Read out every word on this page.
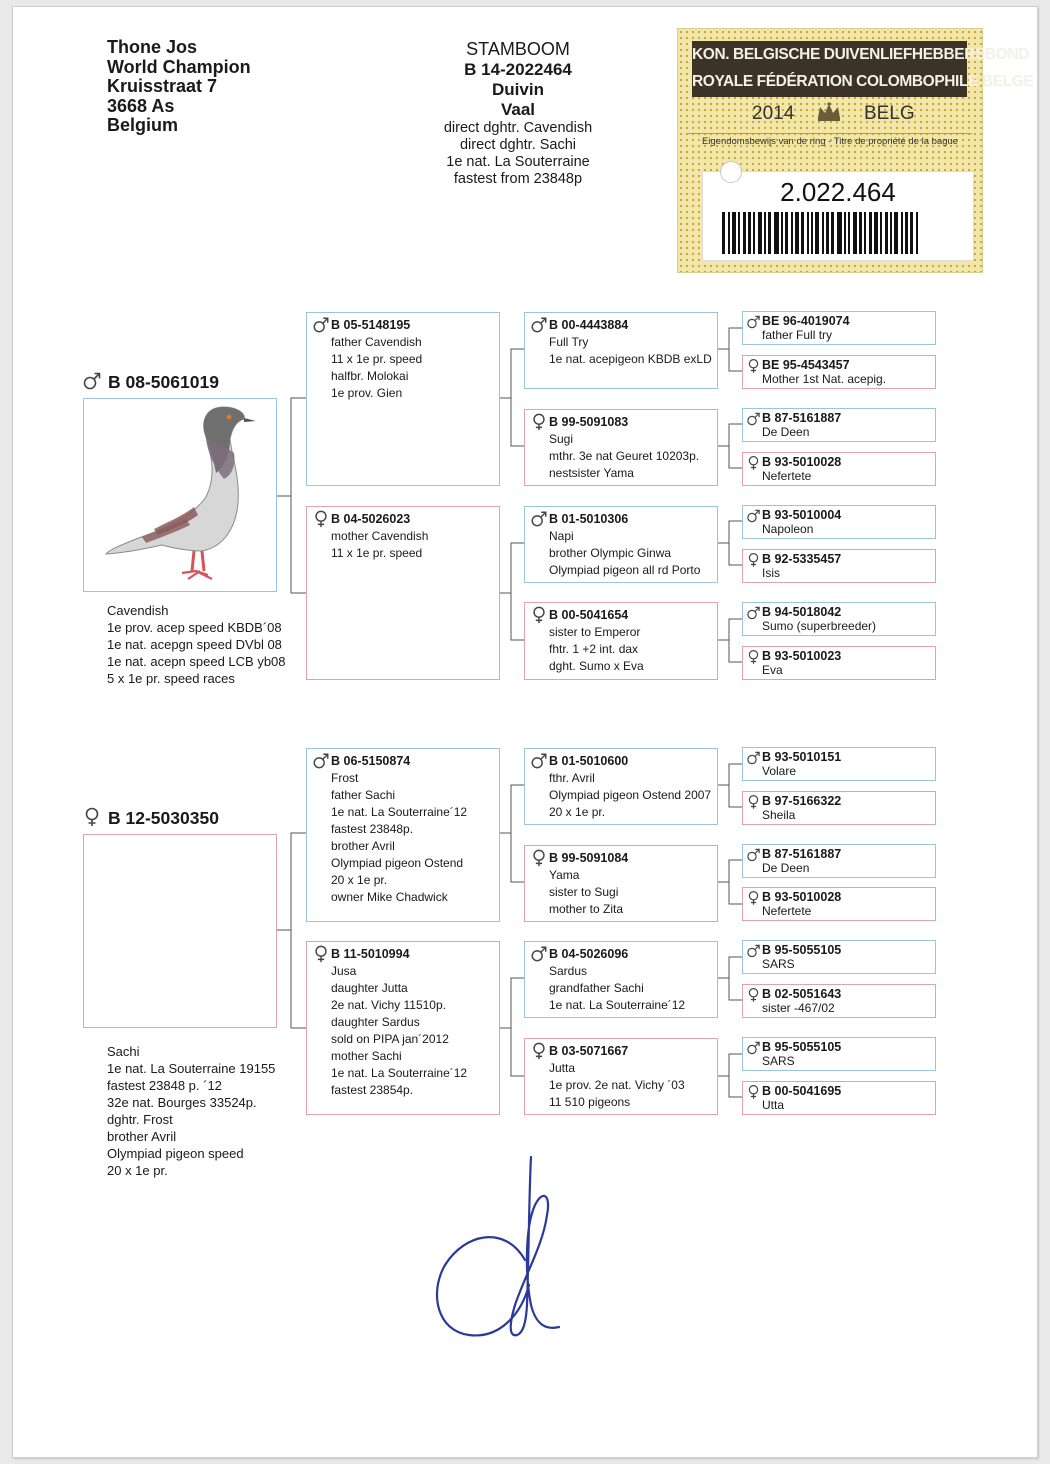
Thone Jos
World Champion
Kruisstraat 7
3668 As
Belgium
STAMBOOM
B 14-2022464
Duivin
Vaal
direct dghtr. Cavendish
direct dghtr. Sachi
1e nat. La Souterraine
fastest from 23848p
KON. BELGISCHE DUIVENLIEFHEBBERSBOND
ROYALE FÉDÉRATION COLOMBOPHILE BELGE
2014	BELG
Eigendomsbewijs van de ring - Titre de propriété de la bague
2.022.464
B 08-5061019
Cavendish
1e prov. acep speed KBDB´08
1e nat. acepgn speed DVbl 08
1e nat. acepn speed LCB yb08
5 x 1e pr. speed races
B 12-5030350
Sachi
1e nat. La Souterraine 19155
fastest 23848 p. ´12
32e nat. Bourges 33524p.
dghtr. Frost
brother Avril
Olympiad pigeon speed
20 x 1e pr.
B 05-5148195
father Cavendish
11 x 1e pr. speed
halfbr. Molokai
1e prov. Gien
B 04-5026023
mother Cavendish
11 x 1e pr. speed
B 06-5150874
Frost
father Sachi
1e nat. La Souterraine´12
fastest 23848p.
brother Avril
Olympiad pigeon Ostend
20 x 1e pr.
owner Mike Chadwick
B 11-5010994
Jusa
daughter Jutta
2e nat. Vichy 11510p.
daughter Sardus
sold on PIPA jan´2012
mother Sachi
1e nat. La Souterraine´12
fastest 23854p.
B 00-4443884
Full Try
1e nat. acepigeon KBDB exLD
B 99-5091083
Sugi
mthr. 3e nat Geuret 10203p.
nestsister Yama
B 01-5010306
Napi
brother Olympic Ginwa
Olympiad pigeon all rd Porto
B 00-5041654
sister to Emperor
fhtr. 1 +2 int. dax
dght. Sumo x Eva
B 01-5010600
fthr. Avril
Olympiad pigeon Ostend 2007
20 x 1e pr.
B 99-5091084
Yama
sister to Sugi
mother to Zita
B 04-5026096
Sardus
grandfather Sachi
1e nat. La Souterraine´12
B 03-5071667
Jutta
1e prov. 2e nat. Vichy ´03
11 510 pigeons
BE 96-4019074
father Full try
BE 95-4543457
Mother 1st Nat. acepig.
B 87-5161887
De Deen
B 93-5010028
Nefertete
B 93-5010004
Napoleon
B 92-5335457
Isis
B 94-5018042
Sumo (superbreeder)
B 93-5010023
Eva
B 93-5010151
Volare
B 97-5166322
Sheila
B 87-5161887
De Deen
B 93-5010028
Nefertete
B 95-5055105
SARS
B 02-5051643
sister -467/02
B 95-5055105
SARS
B 00-5041695
Utta
